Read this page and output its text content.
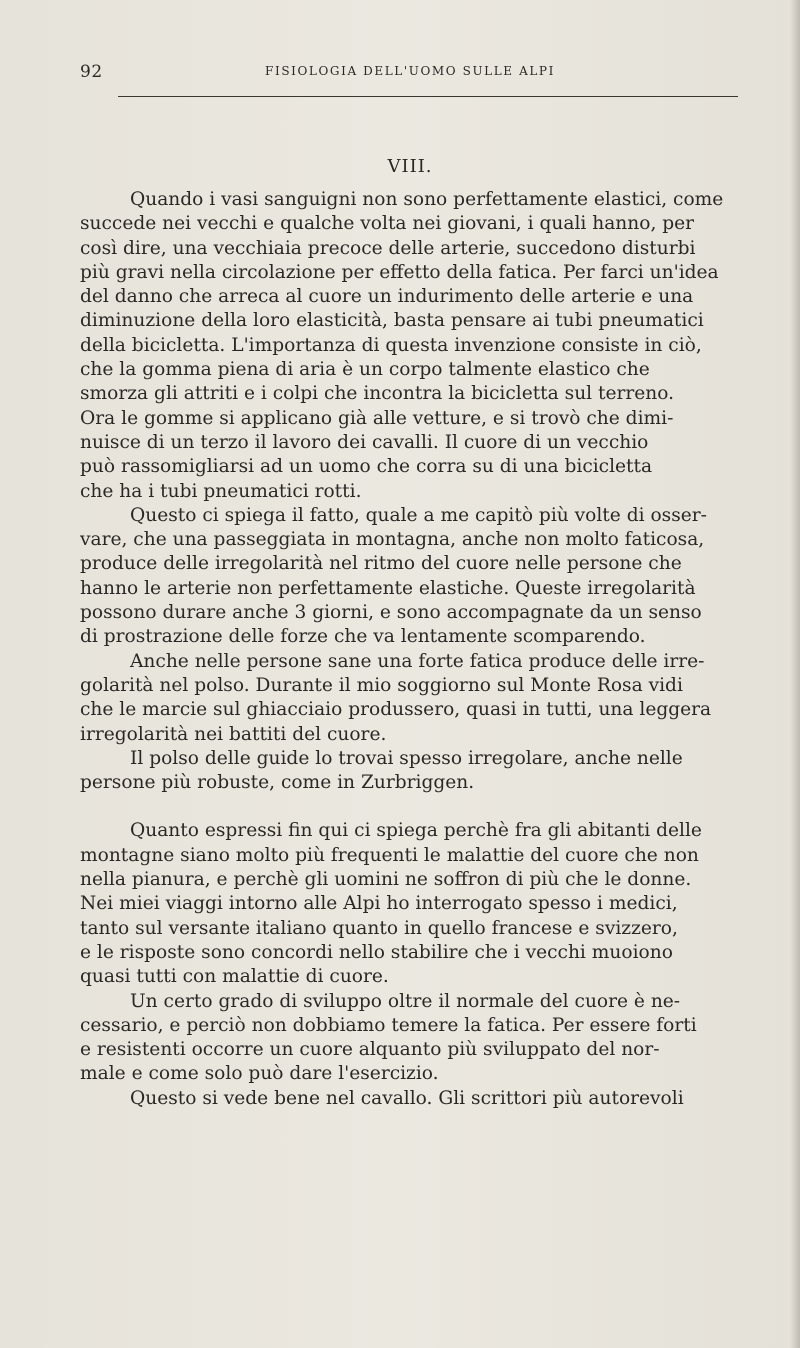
92	FISIOLOGIA DELL'UOMO SULLE ALPI
VIII.
Quando i vasi sanguigni non sono perfettamente elastici, come
succede nei vecchi e qualche volta nei giovani, i quali hanno, per
così dire, una vecchiaia precoce delle arterie, succedono disturbi
più gravi nella circolazione per effetto della fatica. Per farci un'idea
del danno che arreca al cuore un indurimento delle arterie e una
diminuzione della loro elasticità, basta pensare ai tubi pneumatici
della bicicletta. L'importanza di questa invenzione consiste in ciò,
che la gomma piena di aria è un corpo talmente elastico che
smorza gli attriti e i colpi che incontra la bicicletta sul terreno.
Ora le gomme si applicano già alle vetture, e si trovò che dimi-
nuisce di un terzo il lavoro dei cavalli. Il cuore di un vecchio
può rassomigliarsi ad un uomo che corra su di una bicicletta
che ha i tubi pneumatici rotti.
Questo ci spiega il fatto, quale a me capitò più volte di osser-
vare, che una passeggiata in montagna, anche non molto faticosa,
produce delle irregolarità nel ritmo del cuore nelle persone che
hanno le arterie non perfettamente elastiche. Queste irregolarità
possono durare anche 3 giorni, e sono accompagnate da un senso
di prostrazione delle forze che va lentamente scomparendo.
Anche nelle persone sane una forte fatica produce delle irre-
golarità nel polso. Durante il mio soggiorno sul Monte Rosa vidi
che le marcie sul ghiacciaio produssero, quasi in tutti, una leggera
irregolarità nei battiti del cuore.
Il polso delle guide lo trovai spesso irregolare, anche nelle
persone più robuste, come in Zurbriggen.
Quanto espressi fin qui ci spiega perchè fra gli abitanti delle
montagne siano molto più frequenti le malattie del cuore che non
nella pianura, e perchè gli uomini ne soffron di più che le donne.
Nei miei viaggi intorno alle Alpi ho interrogato spesso i medici,
tanto sul versante italiano quanto in quello francese e svizzero,
e le risposte sono concordi nello stabilire che i vecchi muoiono
quasi tutti con malattie di cuore.
Un certo grado di sviluppo oltre il normale del cuore è ne-
cessario, e perciò non dobbiamo temere la fatica. Per essere forti
e resistenti occorre un cuore alquanto più sviluppato del nor-
male e come solo può dare l'esercizio.
Questo si vede bene nel cavallo. Gli scrittori più autorevoli
